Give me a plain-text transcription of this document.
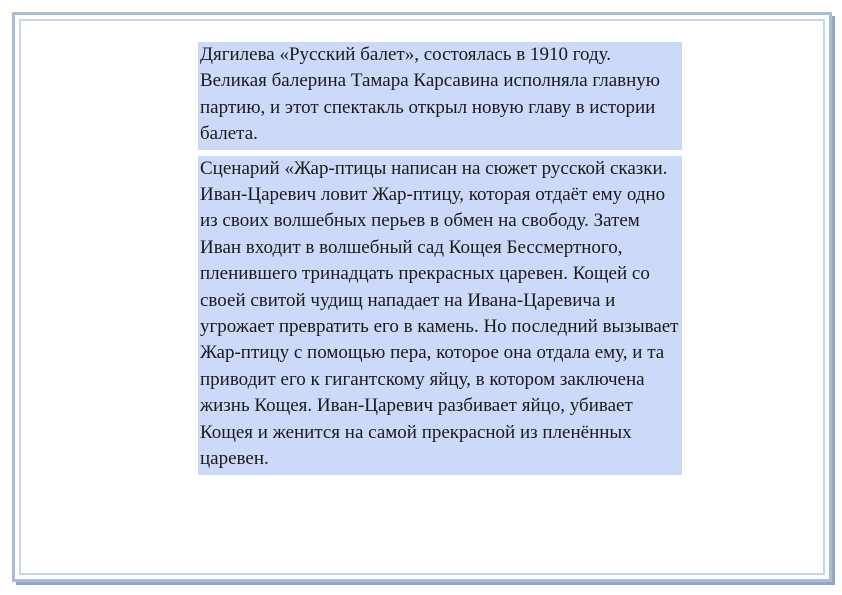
Дягилева «Русский балет», состоялась в 1910 году. Великая балерина Тамара Карсавина исполняла главную партию, и этот спектакль открыл новую главу в истории балета.

Сценарий «Жар-птицы написан на сюжет русской сказки. Иван-Царевич ловит Жар-птицу, которая отдаёт ему одно из своих волшебных перьев в обмен на свободу. Затем Иван входит в волшебный сад Кощея Бессмертного, пленившего тринадцать прекрасных царевен. Кощей со своей свитой чудищ нападает на Ивана-Царевича и угрожает превратить его в камень. Но последний вызывает Жар-птицу с помощью пера, которое она отдала ему, и та приводит его к гигантскому яйцу, в котором заключена жизнь Кощея. Иван-Царевич разбивает яйцо, убивает Кощея и женится на самой прекрасной из пленённых царевен.
